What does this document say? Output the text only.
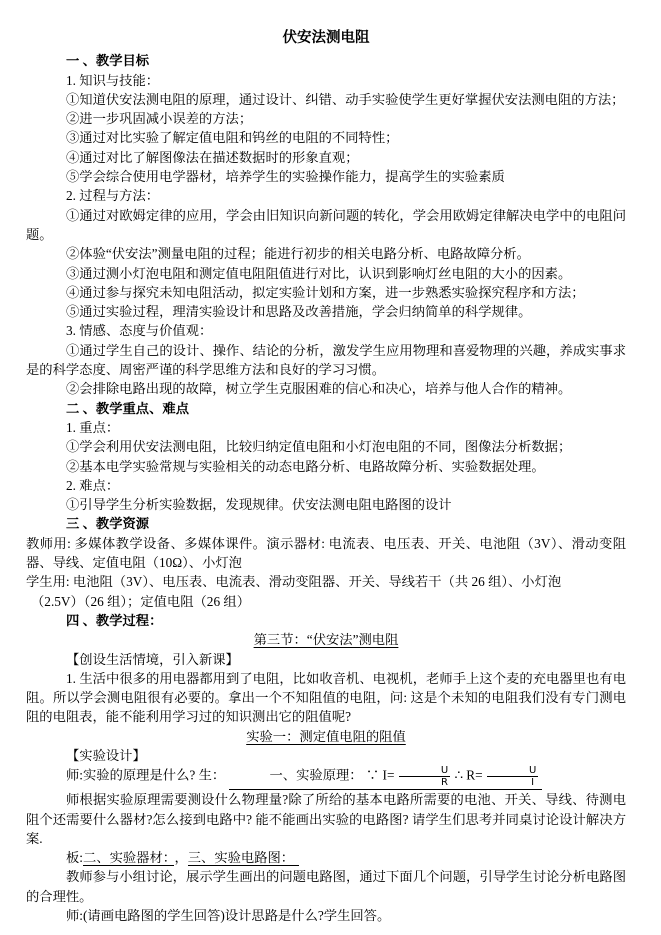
伏安法测电阻

一 、教学目标

1. 知识与技能：

①知道伏安法测电阻的原理，通过设计、纠错、动手实验使学生更好掌握伏安法测电阻的方法；

②进一步巩固减小误差的方法；

③通过对比实验了解定值电阻和钨丝的电阻的不同特性；

④通过对比了解图像法在描述数据时的形象直观；

⑤学会综合使用电学器材，培养学生的实验操作能力，提高学生的实验素质

2. 过程与方法：

①通过对欧姆定律的应用，学会由旧知识向新问题的转化，学会用欧姆定律解决电学中的电阻问题。

②体验“伏安法”测量电阻的过程；能进行初步的相关电路分析、电路故障分析。

③通过测小灯泡电阻和测定值电阻阻值进行对比，认识到影响灯丝电阻的大小的因素。

④通过参与探究未知电阻活动，拟定实验计划和方案，进一步熟悉实验探究程序和方法；

⑤通过实验过程，理清实验设计和思路及改善措施，学会归纳简单的科学规律。

3. 情感、态度与价值观：

①通过学生自己的设计、操作、结论的分析，激发学生应用物理和喜爱物理的兴趣，养成实事求是的科学态度、周密严谨的科学思维方法和良好的学习习惯。

②会排除电路出现的故障，树立学生克服困难的信心和决心，培养与他人合作的精神。

二 、教学重点、难点

1. 重点：

①学会利用伏安法测电阻，比较归纳定值电阻和小灯泡电阻的不同，图像法分析数据；

②基本电学实验常规与实验相关的动态电路分析、电路故障分析、实验数据处理。

2. 难点：

①引导学生分析实验数据，发现规律。伏安法测电阻电路图的设计

三 、教学资源

教师用: 多媒体教学设备、多媒体课件。演示器材: 电流表、电压表、开关、电池阻（3V）、滑动变阻器、导线、定值电阻（10Ω）、小灯泡

学生用: 电池阻（3V）、电压表、电流表、滑动变阻器、开关、导线若干（共 26 组）、小灯泡

（2.5V）（26 组）；定值电阻（26 组）

四 、教学过程：

第三节：“伏安法”测电阻

【创设生活情境，引入新课】

1. 生活中很多的用电器都用到了电阻，比如收音机、电视机，老师手上这个麦的充电器里也有电阻。所以学会测电阻很有必要的。拿出一个不知阻值的电阻，问: 这是个未知的电阻我们没有专门测电阻的电阻表，能不能利用学习过的知识测出它的阻值呢?

实验一：测定值电阻的阻值

【实验设计】

师:实验的原理是什么? 生：	一、实验原理： ∵ $I= \frac{U}{R}$ ∴ $R= \frac{U}{I}$

师根据实验原理需要测设什么物理量?除了所给的基本电路所需要的电池、开关、导线、待测电阻个还需要什么器材?怎么接到电路中? 能不能画出实验的电路图? 请学生们思考并同桌讨论设计解决方案.

板:二、实验器材： ，三、实验电路图：

教师参与小组讨论，展示学生画出的问题电路图，通过下面几个问题，引导学生讨论分析电路图的合理性。

师:(请画电路图的学生回答)设计思路是什么?学生回答。
